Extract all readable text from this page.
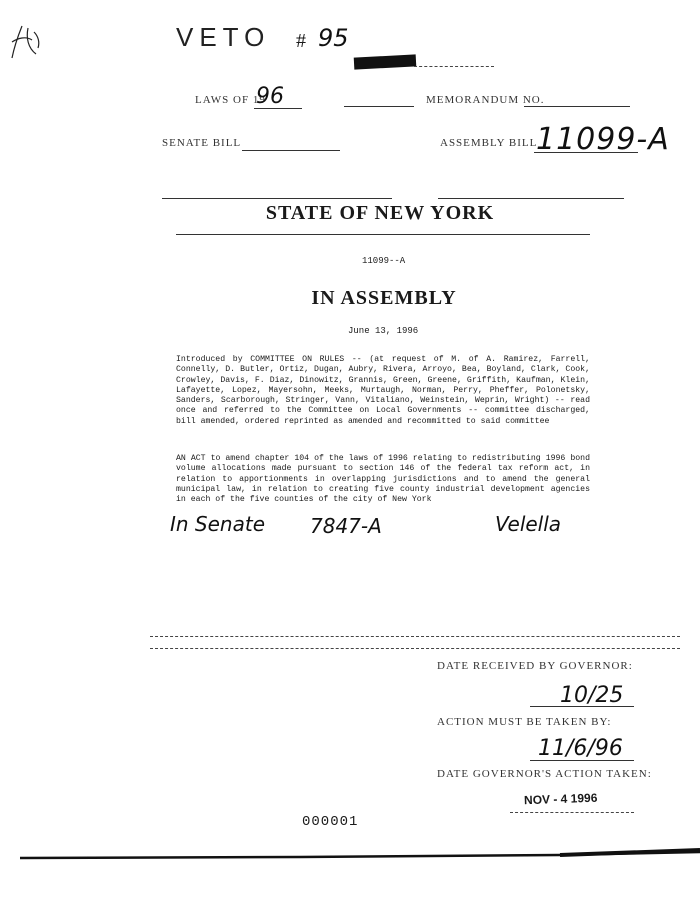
VETO # 95
LAWS OF 19
96	MEMORANDUM NO.
SENATE BILL	ASSEMBLY BILL
11099-A
STATE OF NEW YORK
11099--A
IN ASSEMBLY
June 13, 1996
Introduced by COMMITTEE ON RULES -- (at request of M. of A. Ramirez, Farrell, Connelly, D. Butler, Ortiz, Dugan, Aubry, Rivera, Arroyo, Bea, Boyland, Clark, Cook, Crowley, Davis, F. Diaz, Dinowitz, Grannis, Green, Greene, Griffith, Kaufman, Klein, Lafayette, Lopez, Mayersohn, Meeks, Murtaugh, Norman, Perry, Pheffer, Polonetsky, Sanders, Scarborough, Stringer, Vann, Vitaliano, Weinstein, Weprin, Wright) -- read once and referred to the Committee on Local Governments -- committee discharged, bill amended, ordered reprinted as amended and recommitted to said committee
AN ACT to amend chapter 104 of the laws of 1996 relating to redistributing 1996 bond volume allocations made pursuant to section 146 of the federal tax reform act, in relation to apportionments in overlapping jurisdictions and to amend the general municipal law, in relation to creating five county industrial development agencies in each of the five counties of the city of New York
In Senate 7847-A	Velella
DATE RECEIVED BY GOVERNOR:
10/25
ACTION MUST BE TAKEN BY:
11/6/96
DATE GOVERNOR'S ACTION TAKEN:
NOV - 4 1996
000001
